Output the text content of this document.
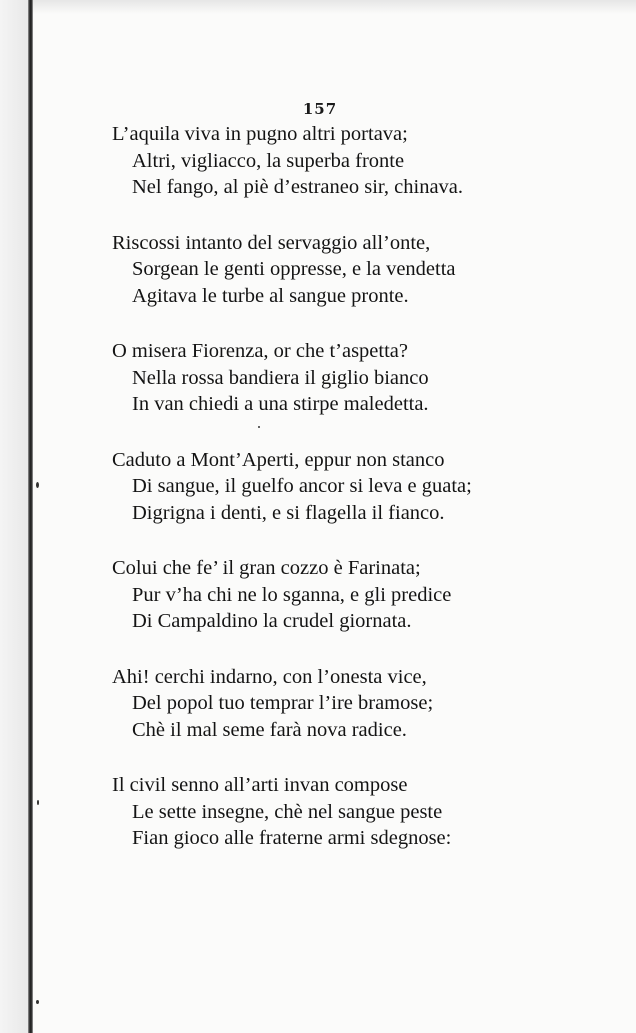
157
L’aquila viva in pugno altri portava;
Altri, vigliacco, la superba fronte
Nel fango, al piè d’estraneo sir, chinava.
Riscossi intanto del servaggio all’onte,
Sorgean le genti oppresse, e la vendetta
Agitava le turbe al sangue pronte.
O misera Fiorenza, or che t’aspetta?
Nella rossa bandiera il giglio bianco
In van chiedi a una stirpe maledetta.
Caduto a Mont’Aperti, eppur non stanco
Di sangue, il guelfo ancor si leva e guata;
Digrigna i denti, e si flagella il fianco.
Colui che fe’ il gran cozzo è Farinata;
Pur v’ha chi ne lo sganna, e gli predice
Di Campaldino la crudel giornata.
Ahi! cerchi indarno, con l’onesta vice,
Del popol tuo temprar l’ire bramose;
Chè il mal seme farà nova radice.
Il civil senno all’arti invan compose
Le sette insegne, chè nel sangue peste
Fian gioco alle fraterne armi sdegnose:
